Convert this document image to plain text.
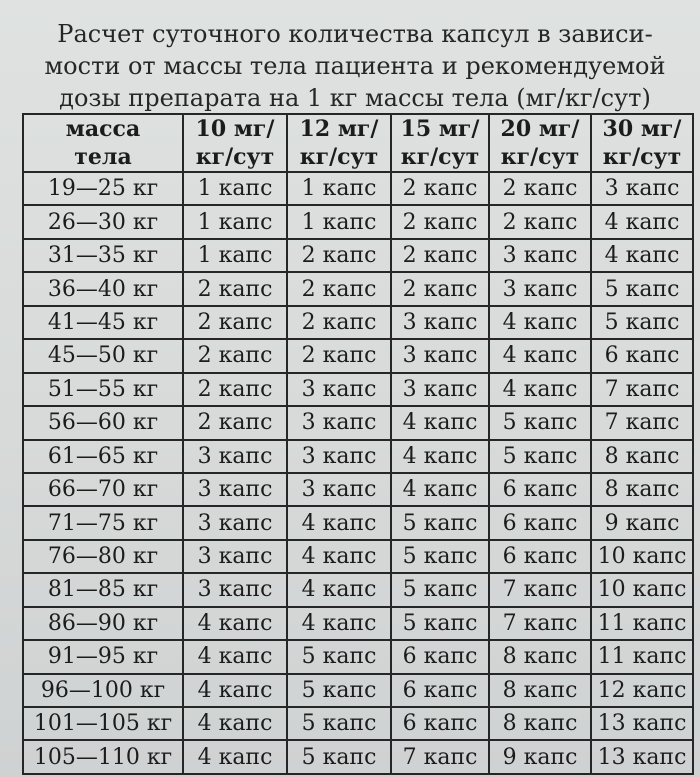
Расчет суточного количества капсул в зависи-
мости от массы тела пациента и рекомендуемой
дозы препарата на 1 кг массы тела (мг/кг/сут)
масса
тела	10 мг/
кг/сут	12 мг/
кг/сут	15 мг/
кг/сут	20 мг/
кг/сут	30 мг/
кг/сут

19—25 кг	1 капс	1 капс	2 капс	2 капс	3 капс
26—30 кг	1 капс	1 капс	2 капс	2 капс	4 капс
31—35 кг	1 капс	2 капс	2 капс	3 капс	4 капс
36—40 кг	2 капс	2 капс	2 капс	3 капс	5 капс
41—45 кг	2 капс	2 капс	3 капс	4 капс	5 капс
45—50 кг	2 капс	2 капс	3 капс	4 капс	6 капс
51—55 кг	2 капс	3 капс	3 капс	4 капс	7 капс
56—60 кг	2 капс	3 капс	4 капс	5 капс	7 капс
61—65 кг	3 капс	3 капс	4 капс	5 капс	8 капс
66—70 кг	3 капс	3 капс	4 капс	6 капс	8 капс
71—75 кг	3 капс	4 капс	5 капс	6 капс	9 капс
76—80 кг	3 капс	4 капс	5 капс	6 капс	10 капс
81—85 кг	3 капс	4 капс	5 капс	7 капс	10 капс
86—90 кг	4 капс	4 капс	5 капс	7 капс	11 капс
91—95 кг	4 капс	5 капс	6 капс	8 капс	11 капс
96—100 кг	4 капс	5 капс	6 капс	8 капс	12 капс
101—105 кг	4 капс	5 капс	6 капс	8 капс	13 капс
105—110 кг	4 капс	5 капс	7 капс	9 капс	13 капс
